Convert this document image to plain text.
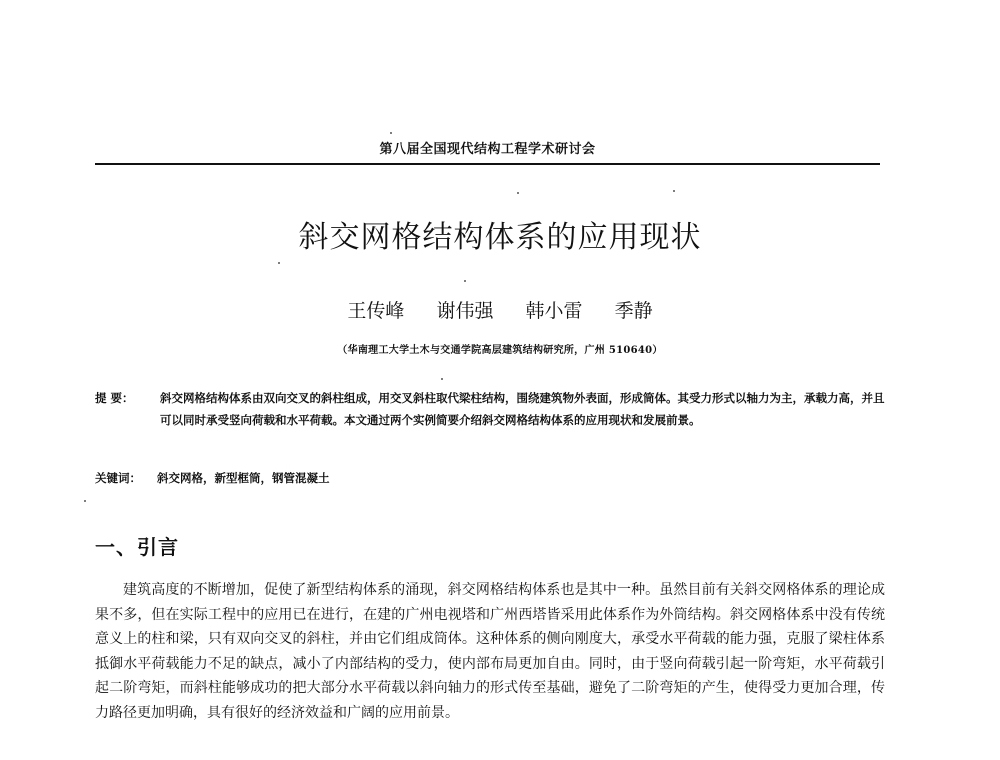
第八届全国现代结构工程学术研讨会
斜交网格结构体系的应用现状
王传峰 谢伟强 韩小雷 季静
（华南理工大学土木与交通学院高层建筑结构研究所，广州 510640）
提 要：	斜交网格结构体系由双向交叉的斜柱组成，用交叉斜柱取代梁柱结构，围绕建筑物外表面，形成筒体。其受力形式以轴力为主，承载力高，并且可以同时承受竖向荷载和水平荷载。本文通过两个实例简要介绍斜交网格结构体系的应用现状和发展前景。
关键词： 斜交网格，新型框筒，钢管混凝土
一、引言
建筑高度的不断增加，促使了新型结构体系的涌现，斜交网格结构体系也是其中一种。虽然目前有关斜交网格体系的理论成果不多，但在实际工程中的应用已在进行，在建的广州电视塔和广州西塔皆采用此体系作为外筒结构。斜交网格体系中没有传统意义上的柱和梁，只有双向交叉的斜柱，并由它们组成筒体。这种体系的侧向刚度大，承受水平荷载的能力强，克服了梁柱体系抵御水平荷载能力不足的缺点，减小了内部结构的受力，使内部布局更加自由。同时，由于竖向荷载引起一阶弯矩，水平荷载引起二阶弯矩，而斜柱能够成功的把大部分水平荷载以斜向轴力的形式传至基础，避免了二阶弯矩的产生，使得受力更加合理，传力路径更加明确，具有很好的经济效益和广阔的应用前景。
